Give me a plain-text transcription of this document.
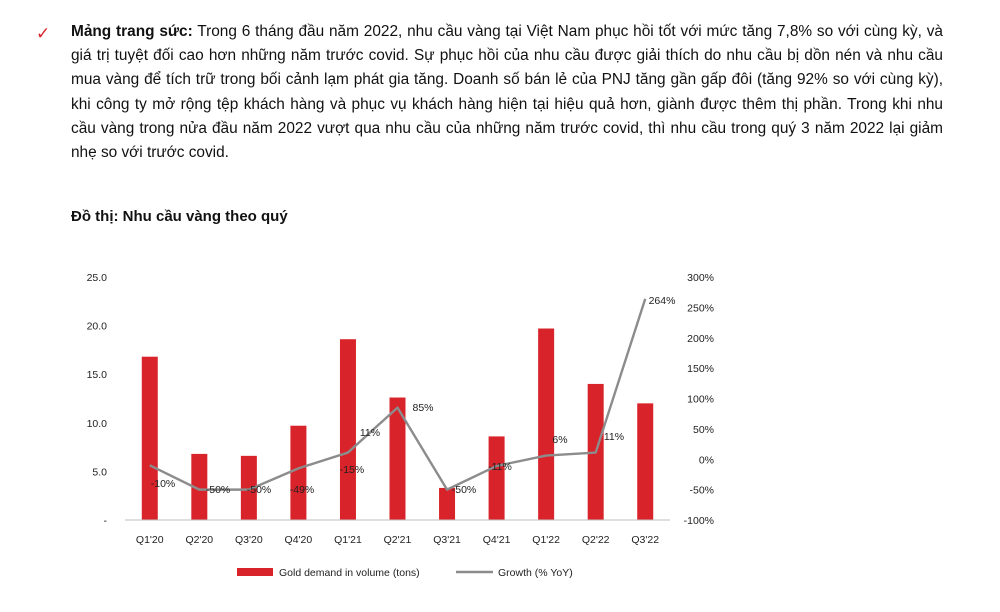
✓ Mảng trang sức: Trong 6 tháng đầu năm 2022, nhu cầu vàng tại Việt Nam phục hồi tốt với mức tăng 7,8% so với cùng kỳ, và giá trị tuyệt đối cao hơn những năm trước covid. Sự phục hồi của nhu cầu được giải thích do nhu cầu bị dồn nén và nhu cầu mua vàng để tích trữ trong bối cảnh lạm phát gia tăng. Doanh số bán lẻ của PNJ tăng gần gấp đôi (tăng 92% so với cùng kỳ), khi công ty mở rộng tệp khách hàng và phục vụ khách hàng hiện tại hiệu quả hơn, giành được thêm thị phần. Trong khi nhu cầu vàng trong nửa đầu năm 2022 vượt qua nhu cầu của những năm trước covid, thì nhu cầu trong quý 3 năm 2022 lại giảm nhẹ so với trước covid.
Đồ thị: Nhu cầu vàng theo quý
-
5.0
10.0
15.0
20.0
25.0
-100%
-50%
0%
50%
100%
150%
200%
250%
300%
Q1'20 Q2'20 Q3'20 Q4'20 Q1'21 Q2'21 Q3'21 Q4'21 Q1'22 Q2'22 Q3'22
-10%	-50% -50% -49%
-15%
11%
85%
-50%
-11%
6%	11%
264%
Gold demand in volume (tons)	Growth (% YoY)
